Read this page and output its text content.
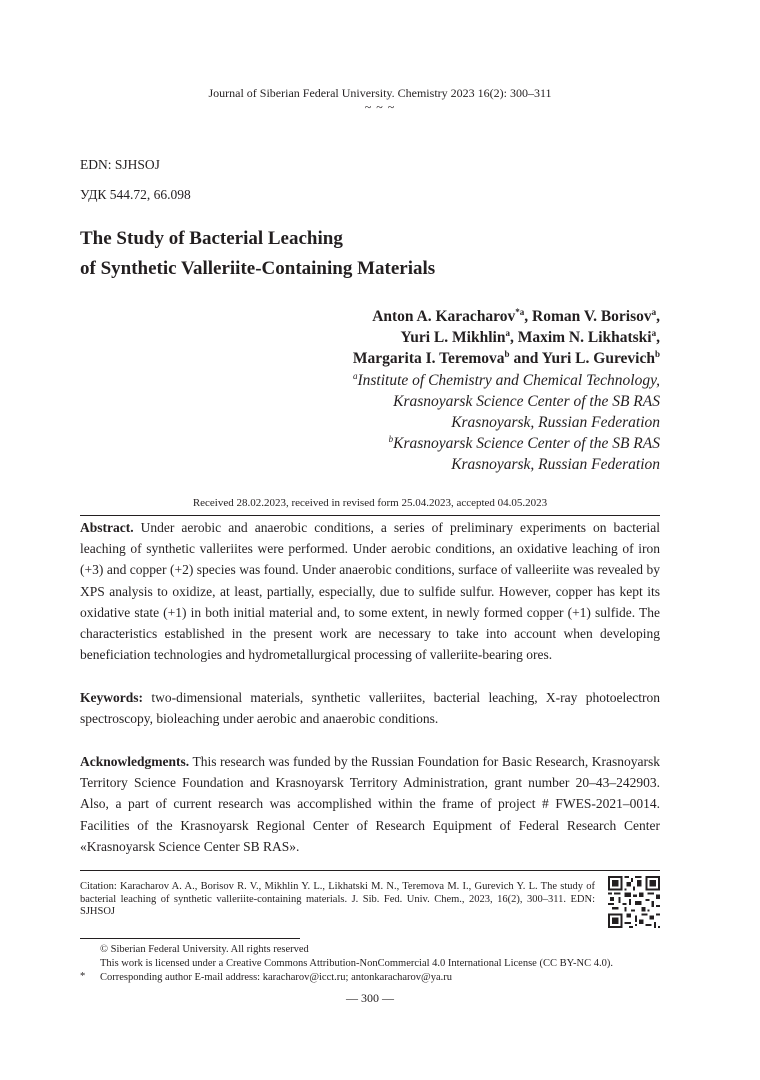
Journal of Siberian Federal University. Chemistry 2023 16(2): 300–311
~ ~ ~
EDN: SJHSOJ
УДК 544.72, 66.098
The Study of Bacterial Leaching
of Synthetic Valleriite-Containing Materials
Anton A. Karacharov$^{*a}$, Roman V. Borisov$^a$,
Yuri L. Mikhlin$^a$, Maxim N. Likhatski$^a$,
Margarita I. Teremova$^b$ and Yuri L. Gurevich$^b$
$^a$Institute of Chemistry and Chemical Technology,
Krasnoyarsk Science Center of the SB RAS
Krasnoyarsk, Russian Federation
$^b$Krasnoyarsk Science Center of the SB RAS
Krasnoyarsk, Russian Federation
Received 28.02.2023, received in revised form 25.04.2023, accepted 04.05.2023
Abstract. Under aerobic and anaerobic conditions, a series of preliminary experiments on bacterial leaching of synthetic valleriites were performed. Under aerobic conditions, an oxidative leaching of iron (+3) and copper (+2) species was found. Under anaerobic conditions, surface of valleeriite was revealed by XPS analysis to oxidize, at least, partially, especially, due to sulfide sulfur. However, copper has kept its oxidative state (+1) in both initial material and, to some extent, in newly formed copper (+1) sulfide. The characteristics established in the present work are necessary to take into account when developing beneficiation technologies and hydrometallurgical processing of valleriite-bearing ores.
Keywords: two-dimensional materials, synthetic valleriites, bacterial leaching, X-ray photoelectron spectroscopy, bioleaching under aerobic and anaerobic conditions.
Acknowledgments. This research was funded by the Russian Foundation for Basic Research, Krasnoyarsk Territory Science Foundation and Krasnoyarsk Territory Administration, grant number 20–43–242903. Also, a part of current research was accomplished within the frame of project # FWES-2021–0014. Facilities of the Krasnoyarsk Regional Center of Research Equipment of Federal Research Center «Krasnoyarsk Science Center SB RAS».
Citation: Karacharov A. A., Borisov R. V., Mikhlin Y. L., Likhatski M. N., Teremova M. I., Gurevich Y. L. The study of bacterial leaching of synthetic valleriite-containing materials. J. Sib. Fed. Univ. Chem., 2023, 16(2), 300–311. EDN: SJHSOJ
© Siberian Federal University. All rights reserved
This work is licensed under a Creative Commons Attribution-NonCommercial 4.0 International License (CC BY-NC 4.0).
* Corresponding author E-mail address: karacharov@icct.ru; antonkaracharov@ya.ru
— 300 —
